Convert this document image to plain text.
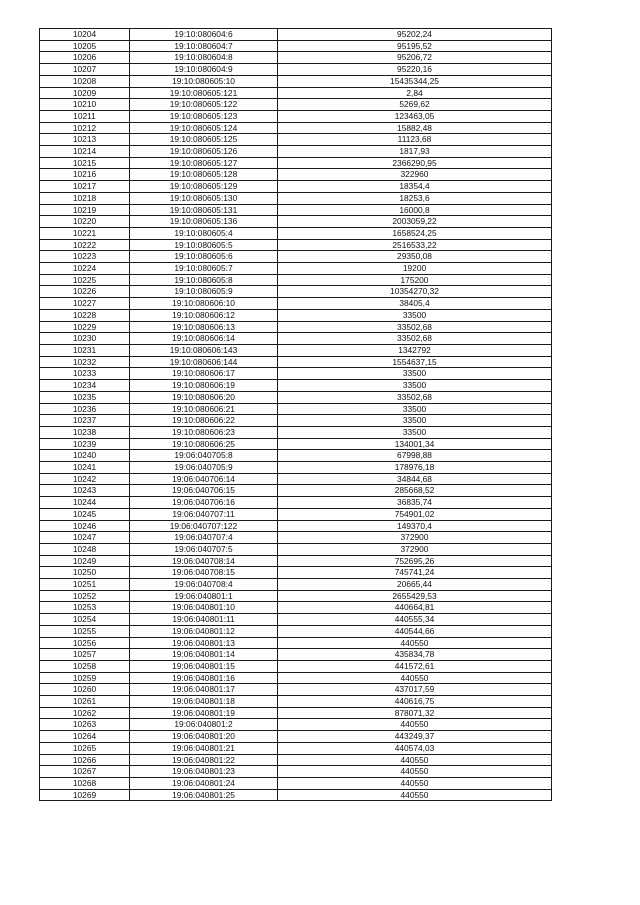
10204	19:10:080604:6	95202,24
10205	19:10:080604:7	95195,52
10206	19:10:080604:8	95206,72
10207	19:10:080604:9	95220,16
10208	19:10:080605:10	15435344,25
10209	19:10:080605:121	2,84
10210	19:10:080605:122	5269,62
10211	19:10:080605:123	123463,05
10212	19:10:080605:124	15882,48
10213	19:10:080605:125	11123,68
10214	19:10:080605:126	1817,93
10215	19:10:080605:127	2366290,95
10216	19:10:080605:128	322960
10217	19:10:080605:129	18354,4
10218	19:10:080605:130	18253,6
10219	19:10:080605:131	16000,8
10220	19:10:080605:136	2003059,22
10221	19:10:080605:4	1658524,25
10222	19:10:080605:5	2516533,22
10223	19:10:080605:6	29350,08
10224	19:10:080605:7	19200
10225	19:10:080605:8	175200
10226	19:10:080605:9	10354270,32
10227	19:10:080606:10	38405,4
10228	19:10:080606:12	33500
10229	19:10:080606:13	33502,68
10230	19:10:080606:14	33502,68
10231	19:10:080606:143	1342792
10232	19:10:080606:144	1554637,15
10233	19:10:080606:17	33500
10234	19:10:080606:19	33500
10235	19:10:080606:20	33502,68
10236	19:10:080606:21	33500
10237	19:10:080606:22	33500
10238	19:10:080606:23	33500
10239	19:10:080606:25	134001,34
10240	19:06:040705:8	67998,88
10241	19:06:040705:9	178976,18
10242	19:06:040706:14	34844,68
10243	19:06:040706:15	285668,52
10244	19:06:040706:16	36835,74
10245	19:06:040707:11	754901,02
10246	19:06:040707:122	149370,4
10247	19:06:040707:4	372900
10248	19:06:040707:5	372900
10249	19:06:040708:14	752695,26
10250	19:06:040708:15	745741,24
10251	19:06:040708:4	20665,44
10252	19:06:040801:1	2655429,53
10253	19:06:040801:10	440664,81
10254	19:06:040801:11	440555,34
10255	19:06:040801:12	440544,66
10256	19:06:040801:13	440550
10257	19:06:040801:14	435834,78
10258	19:06:040801:15	441572,61
10259	19:06:040801:16	440550
10260	19:06:040801:17	437017,59
10261	19:06:040801:18	440616,75
10262	19:06:040801:19	878071,32
10263	19:06:040801:2	440550
10264	19:06:040801:20	443249,37
10265	19:06:040801:21	440574,03
10266	19:06:040801:22	440550
10267	19:06:040801:23	440550
10268	19:06:040801:24	440550
10269	19:06:040801:25	440550
